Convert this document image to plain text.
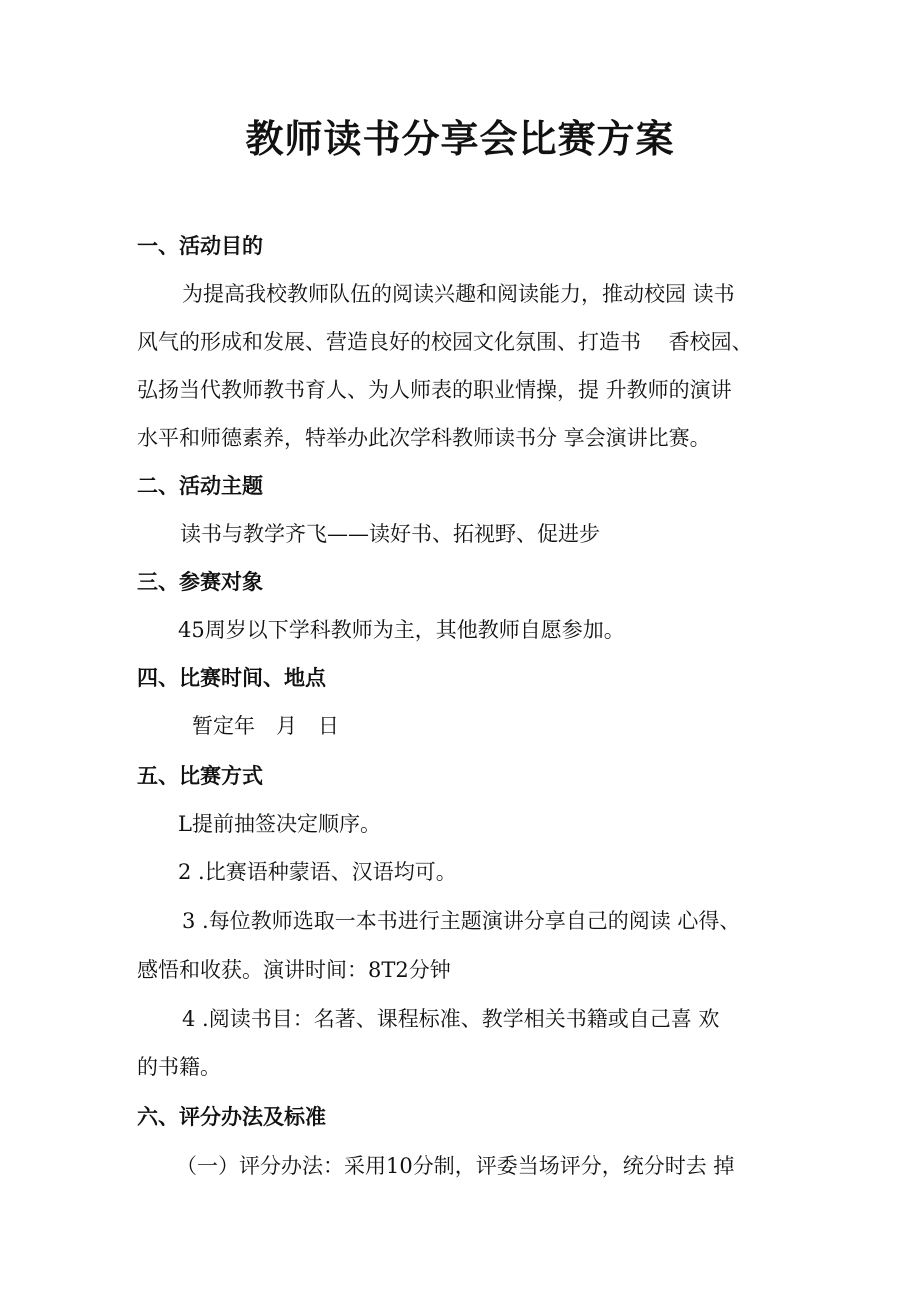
教师读书分享会比赛方案
一、活动目的
为提高我校教师队伍的阅读兴趣和阅读能力，推动校园 读书
风气的形成和发展、营造良好的校园文化氛围、打造书　 香校园、
弘扬当代教师教书育人、为人师表的职业情操，提 升教师的演讲
水平和师德素养，特举办此次学科教师读书分 享会演讲比赛。
二、活动主题
读书与教学齐飞——读好书、拓视野、促进步
三、参赛对象
45周岁以下学科教师为主，其他教师自愿参加。
四、比赛时间、地点
暂定年　月　日
五、比赛方式
L提前抽签决定顺序。
2 .比赛语种蒙语、汉语均可。
3 .每位教师选取一本书进行主题演讲分享自己的阅读 心得、
感悟和收获。演讲时间：8T2分钟
4 .阅读书目：名著、课程标准、教学相关书籍或自己喜 欢
的书籍。
六、评分办法及标准
（一）评分办法：采用10分制，评委当场评分，统分时去 掉
